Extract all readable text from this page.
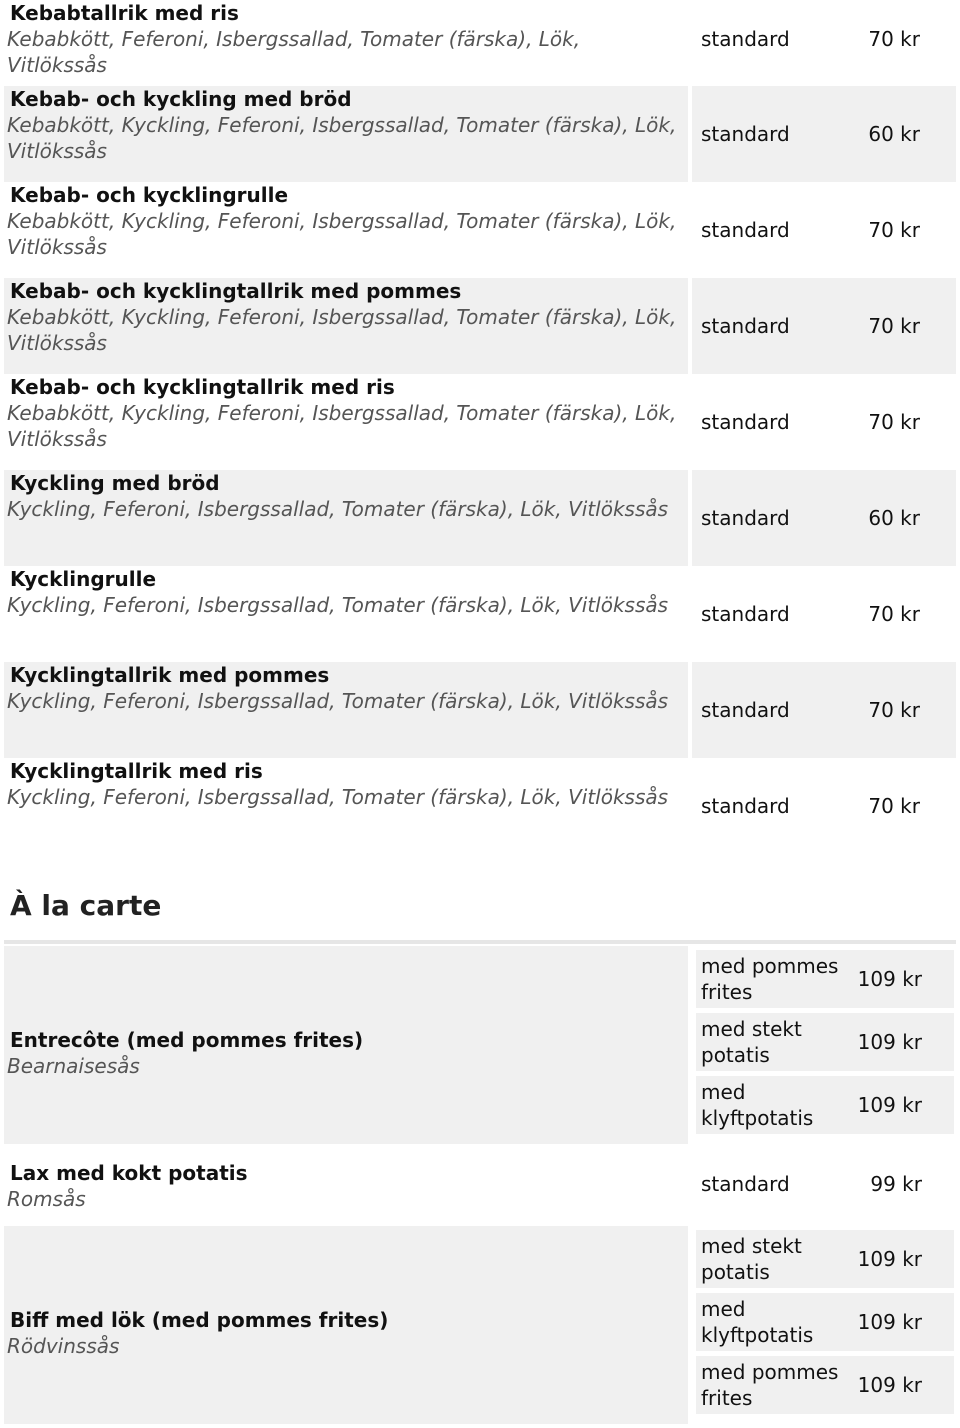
Kebabtallrik med ris
Kebabkött, Feferoni, Isbergssallad, Tomater (färska), Lök, Vitlökssås
standard	70 kr
Kebab- och kyckling med bröd
Kebabkött, Kyckling, Feferoni, Isbergssallad, Tomater (färska), Lök, Vitlökssås
standard	60 kr
Kebab- och kycklingrulle
Kebabkött, Kyckling, Feferoni, Isbergssallad, Tomater (färska), Lök, Vitlökssås
standard	70 kr
Kebab- och kycklingtallrik med pommes
Kebabkött, Kyckling, Feferoni, Isbergssallad, Tomater (färska), Lök, Vitlökssås
standard	70 kr
Kebab- och kycklingtallrik med ris
Kebabkött, Kyckling, Feferoni, Isbergssallad, Tomater (färska), Lök, Vitlökssås
standard	70 kr
Kyckling med bröd
Kyckling, Feferoni, Isbergssallad, Tomater (färska), Lök, Vitlökssås	standard	60 kr
Kycklingrulle
Kyckling, Feferoni, Isbergssallad, Tomater (färska), Lök, Vitlökssås	standard	70 kr
Kycklingtallrik med pommes
Kyckling, Feferoni, Isbergssallad, Tomater (färska), Lök, Vitlökssås	standard	70 kr
Kycklingtallrik med ris
Kyckling, Feferoni, Isbergssallad, Tomater (färska), Lök, Vitlökssås	standard	70 kr
À la carte
Entrecôte (med pommes frites)
Bearnaisesås
med pommes frites
109 kr
med stekt potatis
109 kr
med klyftpotatis
109 kr
Lax med kokt potatis
Romsås
standard	99 kr
Biff med lök (med pommes frites)
Rödvinssås
med stekt potatis
109 kr
med klyftpotatis
109 kr
med pommes frites
109 kr
